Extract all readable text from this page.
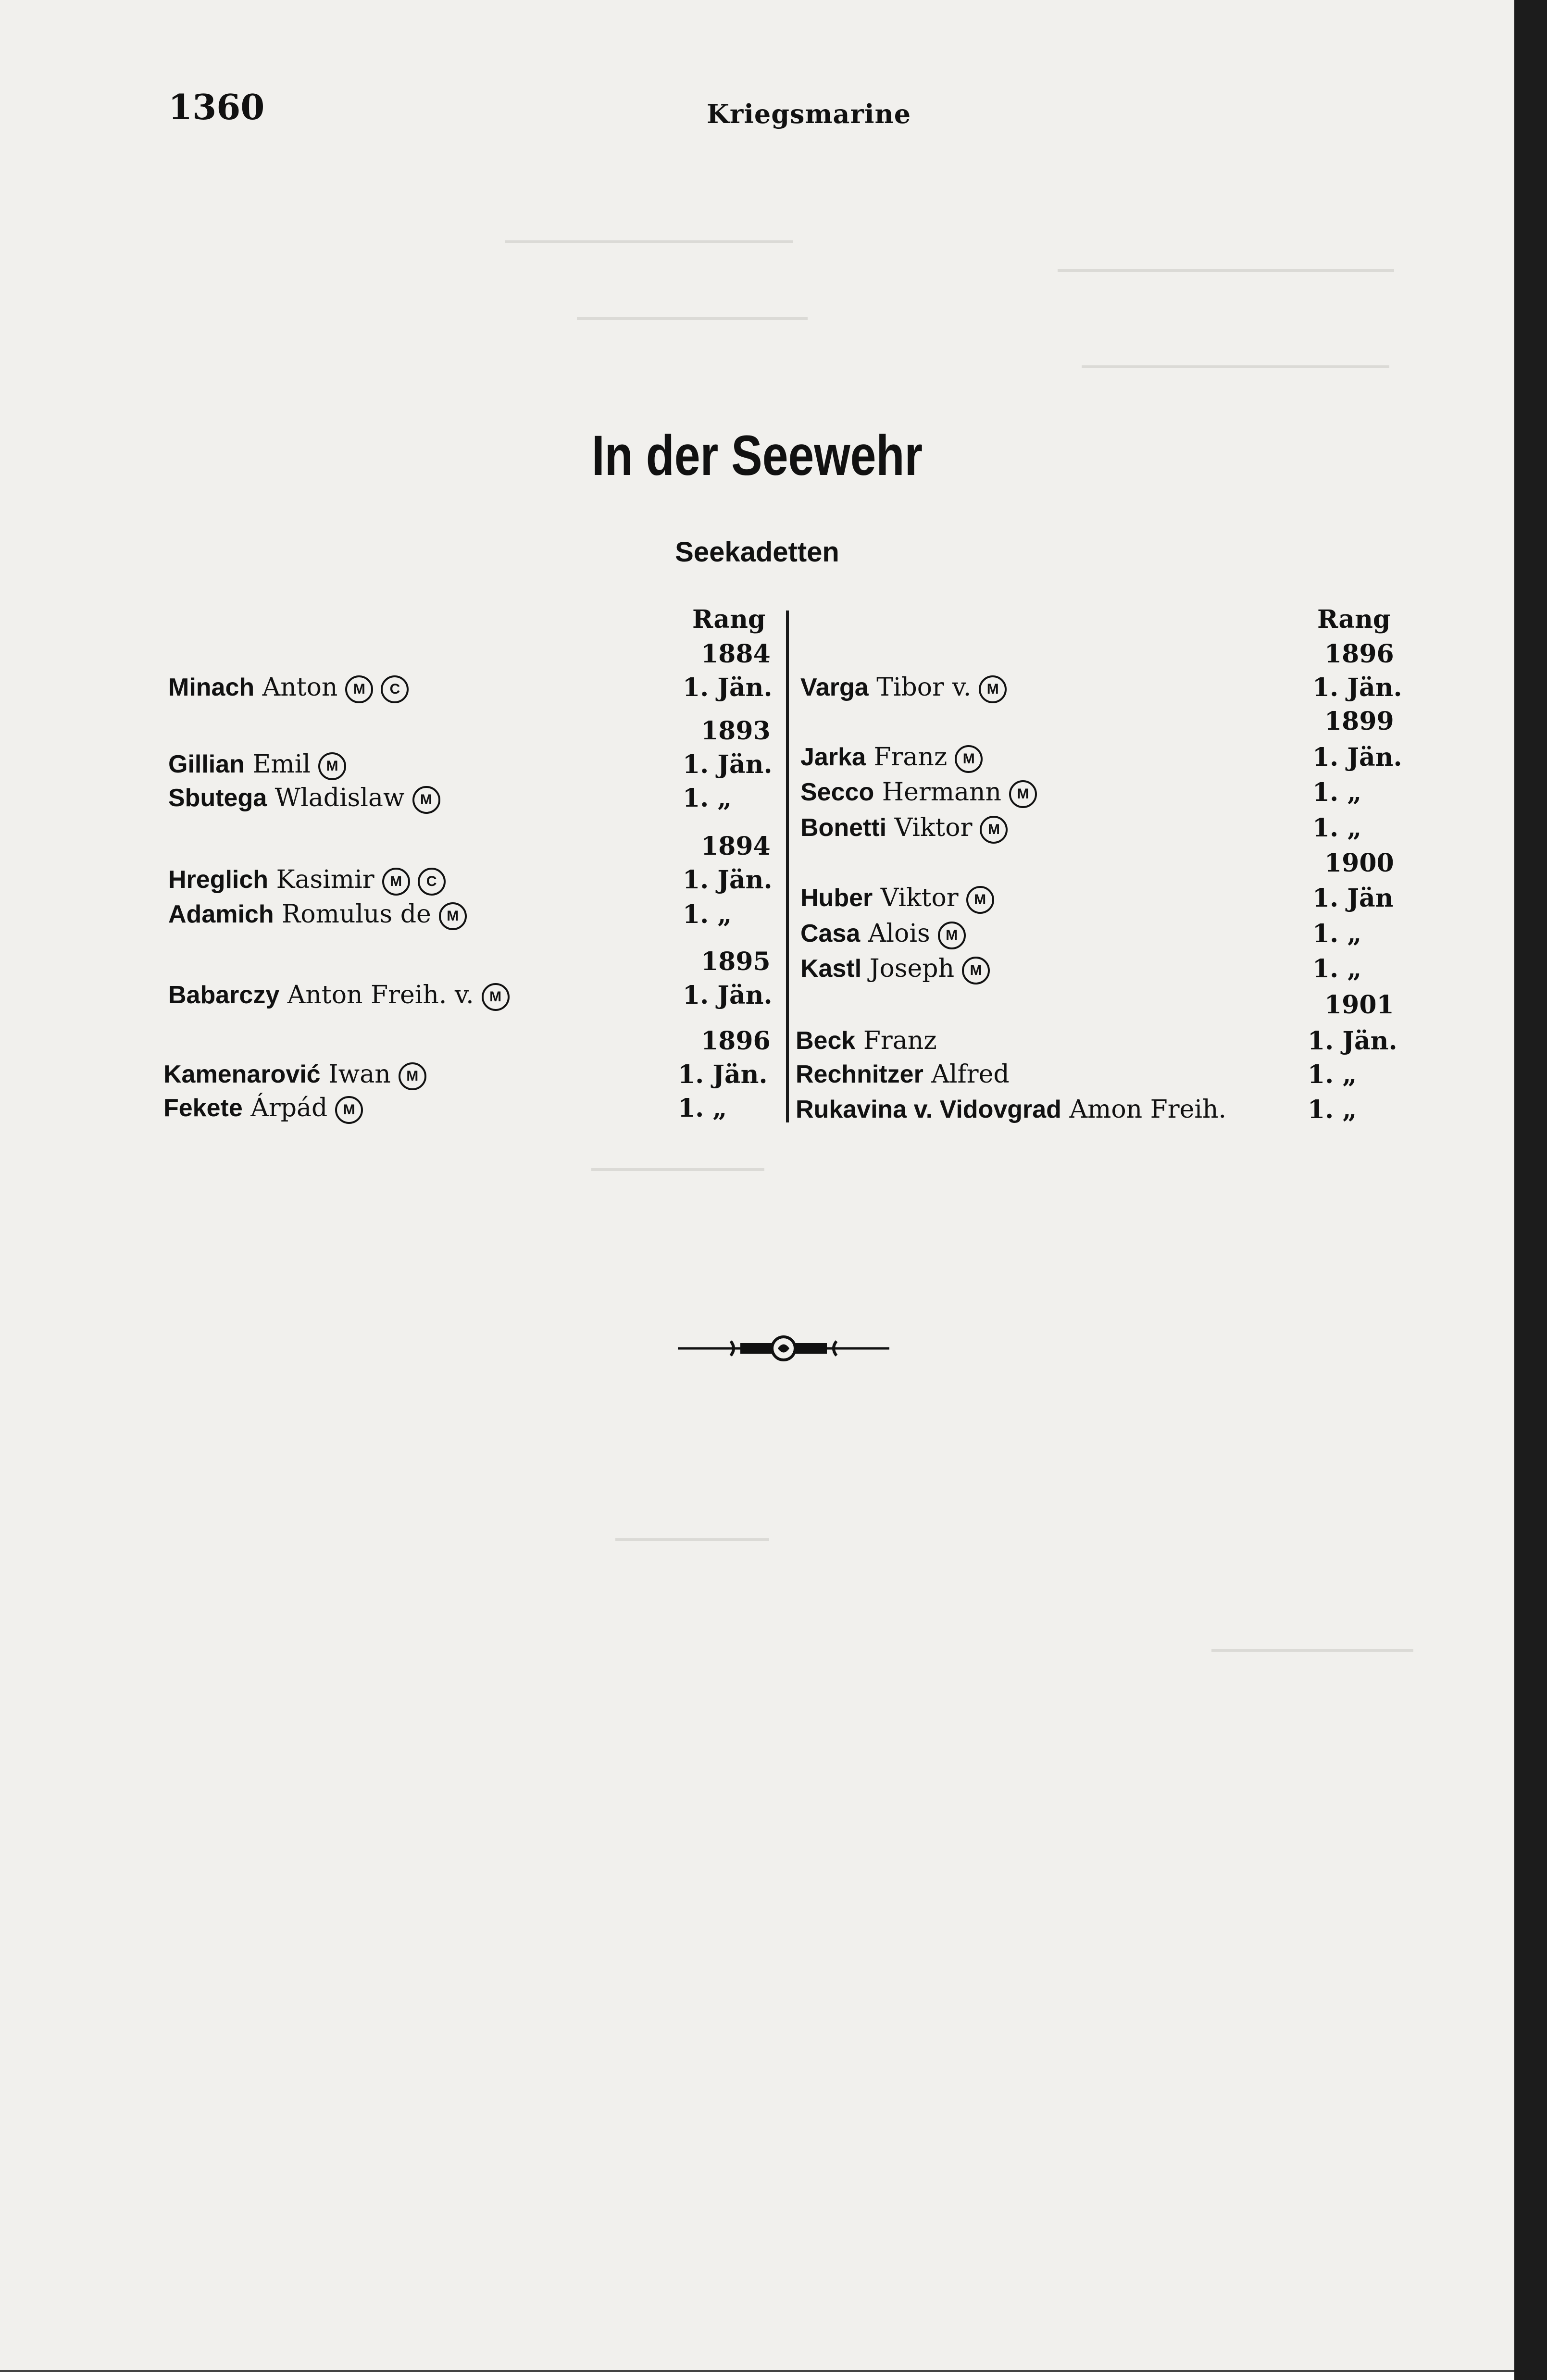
1360	Kriegsmarine
In der Seewehr
Seekadetten
Rang
1884
Minach Anton M C	1. Jän.
1893
Gillian Emil M	1. Jän.
Sbutega Wladislaw M	1. „
1894
Hreglich Kasimir M C	1. Jän.
Adamich Romulus de M	1. „
1895
Babarczy Anton Freih. v. M	1. Jän.
1896
Kamenarović Iwan M	1. Jän.
Fekete Árpád M	1. „
Rang
1896
Varga Tibor v. M	1. Jän.
1899
Jarka Franz M	1. Jän.
Secco Hermann M	1. „
Bonetti Viktor M	1. „
1900
Huber Viktor M	1. Jän
Casa Alois M	1. „
Kastl Joseph M	1. „
1901
Beck Franz	1. Jän.
Rechnitzer Alfred	1. „
Rukavina v. Vidovgrad Amon Freih.	1. „
